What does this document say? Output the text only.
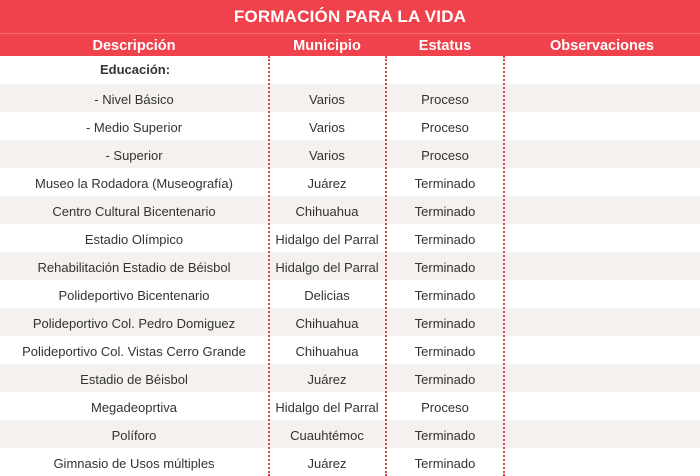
FORMACIÓN PARA LA VIDA
Descripción	Municipio	Estatus	Observaciones
Educación:
- Nivel Básico	Varios	Proceso
- Medio Superior	Varios	Proceso
- Superior	Varios	Proceso
Museo la Rodadora (Museografía)	Juárez	Terminado
Centro Cultural Bicentenario	Chihuahua	Terminado
Estadio Olímpico	Hidalgo del Parral	Terminado
Rehabilitación Estadio de Béisbol	Hidalgo del Parral	Terminado
Polideportivo Bicentenario	Delicias	Terminado
Polideportivo Col. Pedro Domiguez	Chihuahua	Terminado
Polideportivo Col. Vistas Cerro Grande	Chihuahua	Terminado
Estadio de Béisbol	Juárez	Terminado
Megadeoprtiva	Hidalgo del Parral	Proceso
Políforo	Cuauhtémoc	Terminado
Gimnasio de Usos múltiples	Juárez	Terminado
